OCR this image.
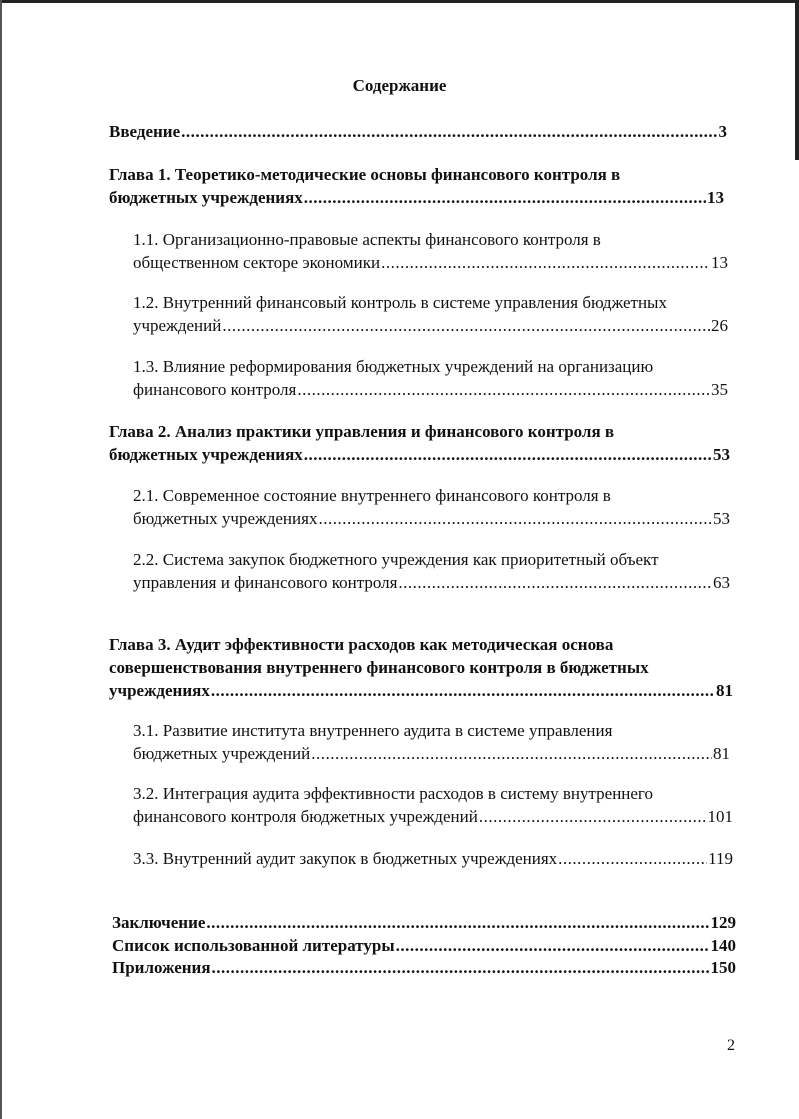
Содержание
Введение .....	3
Глава 1. Теоретико-методические основы финансового контроля в
бюджетных учреждениях .....	13
1.1. Организационно-правовые аспекты финансового контроля в
общественном секторе экономики .....	13
1.2. Внутренний финансовый контроль в системе управления бюджетных
учреждений .....	26
1.3. Влияние реформирования бюджетных учреждений на организацию
финансового контроля .....	35
Глава 2. Анализ практики управления и финансового контроля в
бюджетных учреждениях .....	53
2.1. Современное состояние внутреннего финансового контроля в
бюджетных учреждениях .....	53
2.2. Система закупок бюджетного учреждения как приоритетный объект
управления и финансового контроля .....	63
Глава 3. Аудит эффективности расходов как методическая основа
совершенствования внутреннего финансового контроля в бюджетных
учреждениях .....	81
3.1. Развитие института внутреннего аудита в системе управления
бюджетных учреждений .....	81
3.2. Интеграция аудита эффективности расходов в систему внутреннего
финансового контроля бюджетных учреждений .....	101
3.3. Внутренний аудит закупок в бюджетных учреждениях .....	119
Заключение .....	129
Список использованной литературы .....	140
Приложения .....	150
2
